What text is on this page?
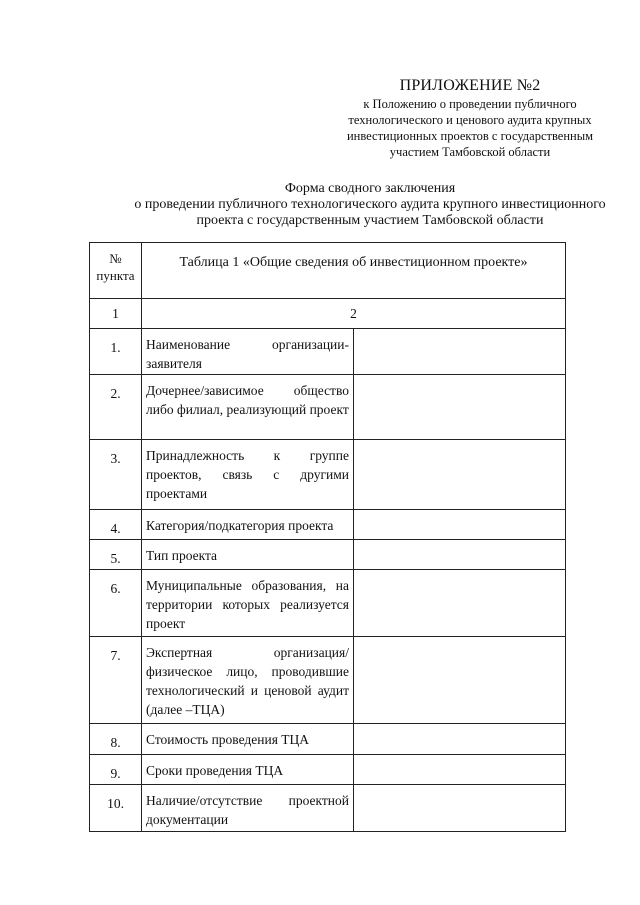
ПРИЛОЖЕНИЕ №2
к Положению о проведении публичного
технологического и ценового аудита крупных
инвестиционных проектов с государственным
участием Тамбовской области
Форма сводного заключения
о проведении публичного технологического аудита крупного инвестиционного
проекта с государственным участием Тамбовской области
№ пункта	Таблица 1 «Общие сведения об инвестиционном проекте»	

1	2	

1.	Наименование организации-заявителя	

2.	Дочернее/зависимое общество либо филиал, реализующий проект	

3.	Принадлежность к группе проектов, связь с другими проектами	

4.	Категория/подкатегория проекта	

5.	Тип проекта	

6.	Муниципальные образования, на территории которых реализуется проект	

7.	Экспертная организация/физическое лицо, проводившие технологический и ценовой аудит (далее –ТЦА)	

8.	Стоимость проведения ТЦА	

9.	Сроки проведения ТЦА	

10.	Наличие/отсутствие проектной документации	
